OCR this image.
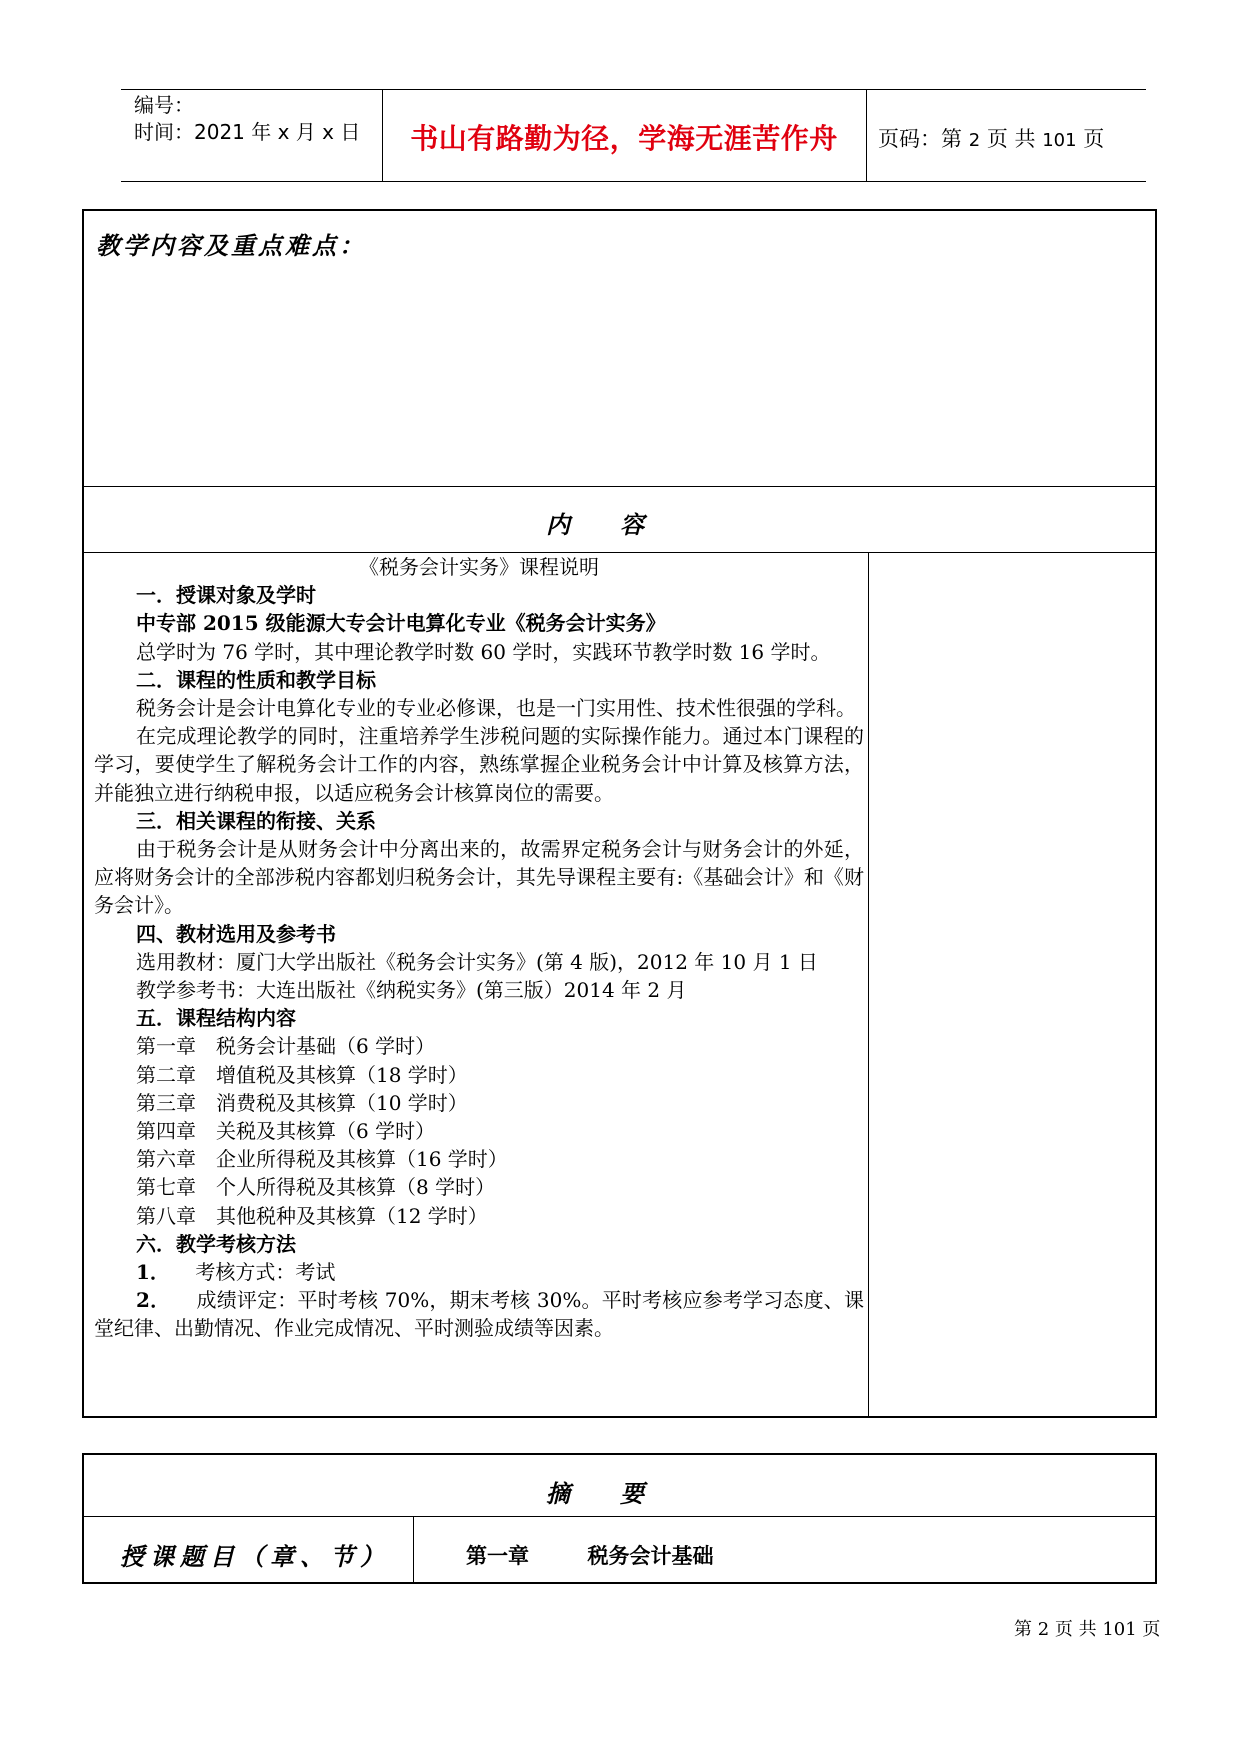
编号：
时间：2021 年 x 月 x 日	书山有路勤为径，学海无涯苦作舟	页码：第 2 页 共 101 页
教学内容及重点难点：
内容

《税务会计实务》课程说明

一．授课对象及学时

中专部 2015 级能源大专会计电算化专业《税务会计实务》

总学时为 76 学时，其中理论教学时数 60 学时，实践环节教学时数 16 学时。

二．课程的性质和教学目标

税务会计是会计电算化专业的专业必修课，也是一门实用性、技术性很强的学科。

在完成理论教学的同时，注重培养学生涉税问题的实际操作能力。通过本门课程的学习，要使学生了解税务会计工作的内容，熟练掌握企业税务会计中计算及核算方法，并能独立进行纳税申报，以适应税务会计核算岗位的需要。

三．相关课程的衔接、关系

由于税务会计是从财务会计中分离出来的，故需界定税务会计与财务会计的外延，应将财务会计的全部涉税内容都划归税务会计，其先导课程主要有:《基础会计》和《财务会计》。

四、教材选用及参考书

选用教材：厦门大学出版社《税务会计实务》(第 4 版)，2012 年 10 月 1 日

教学参考书：大连出版社《纳税实务》(第三版）2014 年 2 月

五．课程结构内容

第一章　税务会计基础（6 学时）

第二章　增值税及其核算（18 学时）

第三章　消费税及其核算（10 学时）

第四章　关税及其核算（6 学时）

第六章　企业所得税及其核算（16 学时）

第七章　个人所得税及其核算（8 学时）

第八章　其他税种及其核算（12 学时）

六．教学考核方法

1． 考核方式：考试

2． 成绩评定：平时考核 70%，期末考核 30%。平时考核应参考学习态度、课堂纪律、出勤情况、作业完成情况、平时测验成绩等因素。

摘要
授课题目（章、节）	第一章        税务会计基础
第 2 页 共 101 页
